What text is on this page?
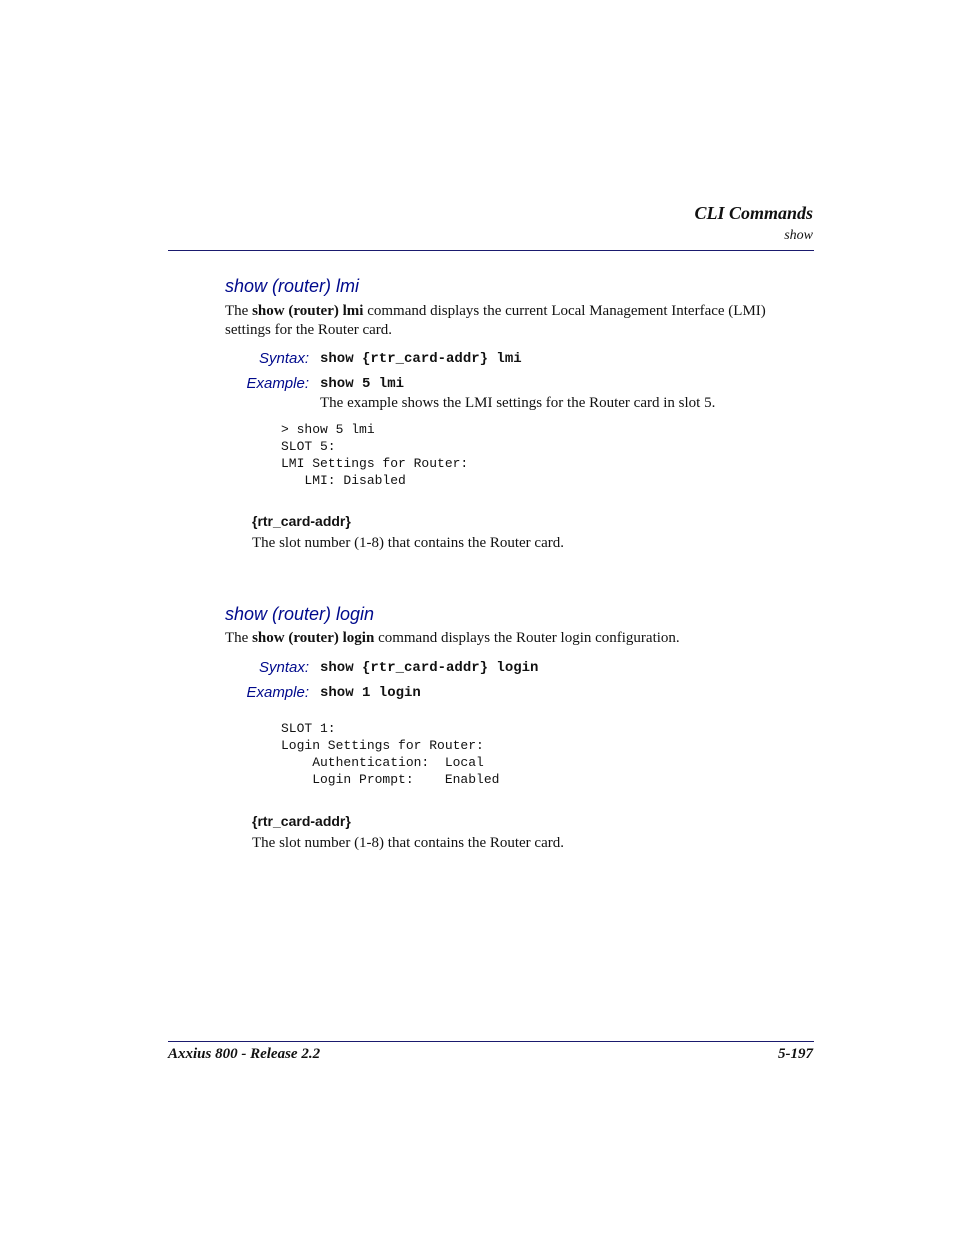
CLI Commands
show
show (router) lmi
The show (router) lmi command displays the current Local Management Interface (LMI) settings for the Router card.
Syntax: show {rtr_card-addr} lmi
Example: show 5 lmi
The example shows the LMI settings for the Router card in slot 5.
> show 5 lmi
SLOT 5:
LMI Settings for Router:
LMI: Disabled
{rtr_card-addr}
The slot number (1-8) that contains the Router card.
show (router) login
The show (router) login command displays the Router login configuration.
Syntax: show {rtr_card-addr} login
Example: show 1 login
SLOT 1:
Login Settings for Router:
Authentication:  Local
Login Prompt:    Enabled
{rtr_card-addr}
The slot number (1-8) that contains the Router card.
Axxius 800 - Release 2.2	5-197
